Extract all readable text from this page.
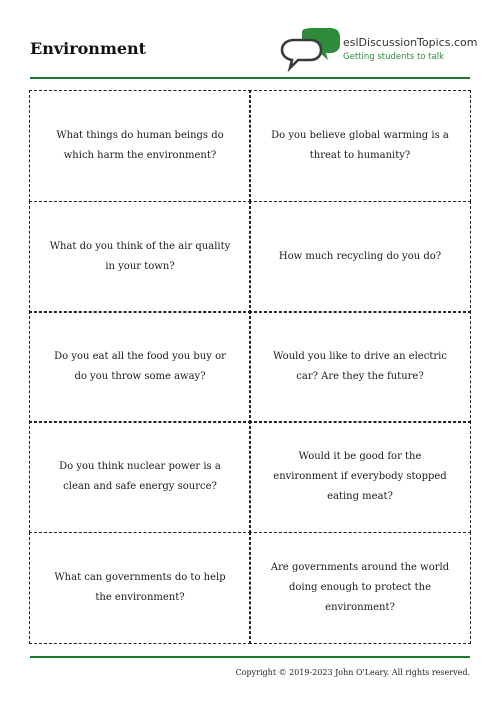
Environment	eslDiscussionTopics.com
Getting students to talk
What things do human beings do which harm the environment?
Do you believe global warming is a threat to humanity?
What do you think of the air quality in your town?
How much recycling do you do?
Do you eat all the food you buy or do you throw some away?
Would you like to drive an electric car? Are they the future?
Do you think nuclear power is a clean and safe energy source?
Would it be good for the environment if everybody stopped eating meat?
What can governments do to help the environment?
Are governments around the world doing enough to protect the environment?
Copyright © 2019-2023 John O'Leary. All rights reserved.
